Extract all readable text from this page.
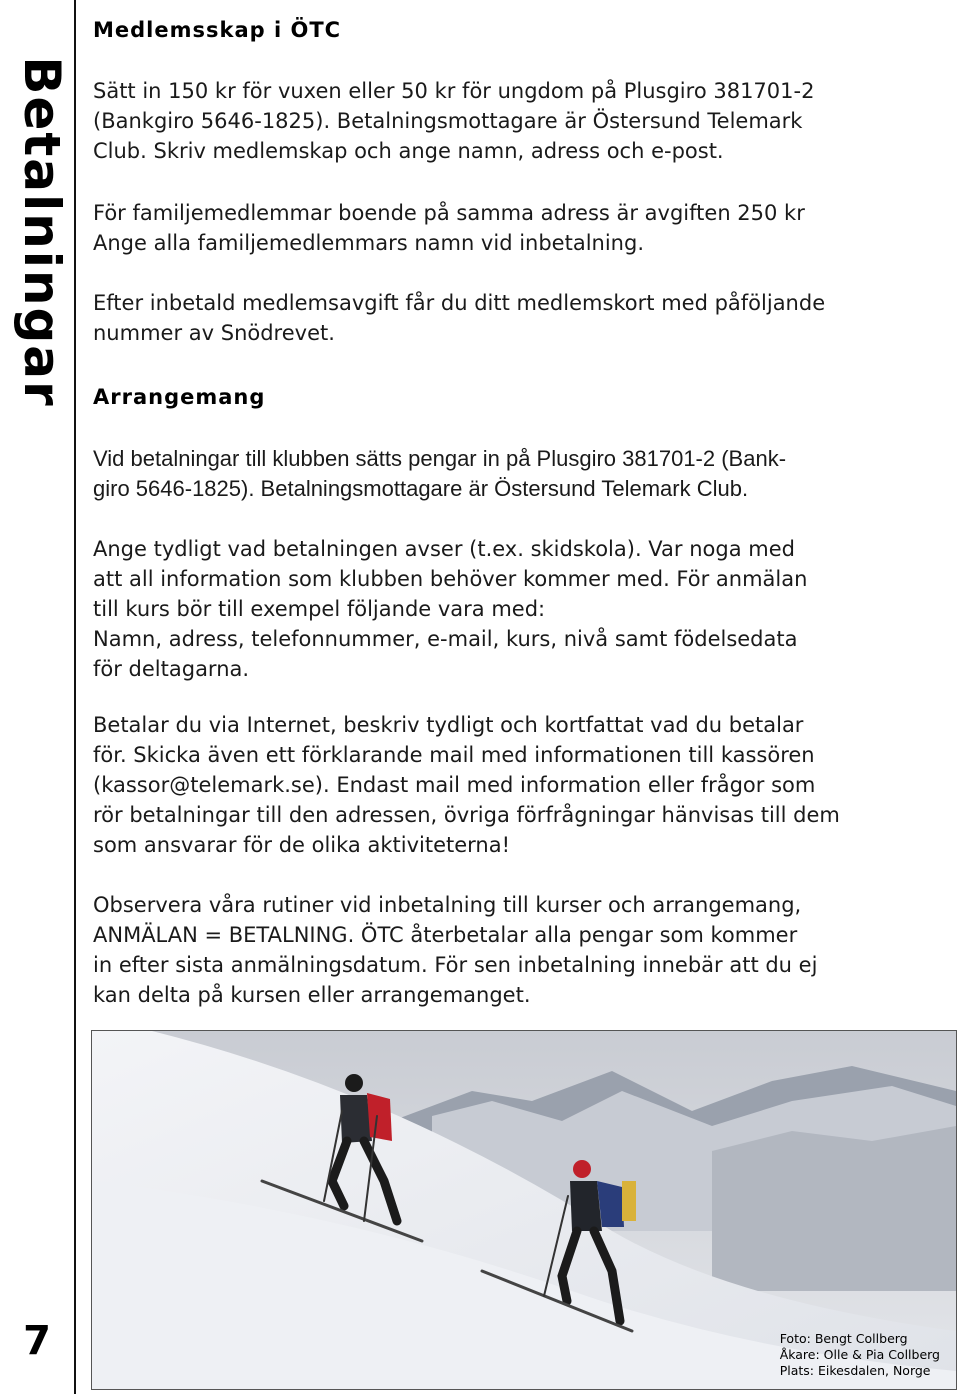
Betalningar
7
Medlemsskap i ÖTC

Sätt in 150 kr för vuxen eller 50 kr för ungdom på Plusgiro 381701-2
(Bankgiro 5646-1825). Betalningsmottagare är Östersund Telemark
Club. Skriv medlemskap och ange namn, adress och e-post.

För familjemedlemmar boende på samma adress är avgiften 250 kr
Ange alla familjemedlemmars namn vid inbetalning.

Efter inbetald medlemsavgift får du ditt medlemskort med påföljande
nummer av Snödrevet.

Arrangemang

Vid betalningar till klubben sätts pengar in på Plusgiro 381701-2 (Bank-
giro 5646-1825). Betalningsmottagare är Östersund Telemark Club.

Ange tydligt vad betalningen avser (t.ex. skidskola). Var noga med
att all information som klubben behöver kommer med. För anmälan
till kurs bör till exempel följande vara med:
Namn, adress, telefonnummer, e-mail, kurs, nivå samt födelsedata
för deltagarna.

Betalar du via Internet, beskriv tydligt och kortfattat vad du betalar
för. Skicka även ett förklarande mail med informationen till kassören
(kassor@telemark.se). Endast mail med information eller frågor som
rör betalningar till den adressen, övriga förfrågningar hänvisas till dem
som ansvarar för de olika aktiviteterna!

Observera våra rutiner vid inbetalning till kurser och arrangemang,
ANMÄLAN = BETALNING. ÖTC återbetalar alla pengar som kommer
in efter sista anmälningsdatum. För sen inbetalning innebär att du ej
kan delta på kursen eller arrangemanget.

Foto: Bengt Collberg
Åkare: Olle & Pia Collberg
Plats: Eikesdalen, Norge
